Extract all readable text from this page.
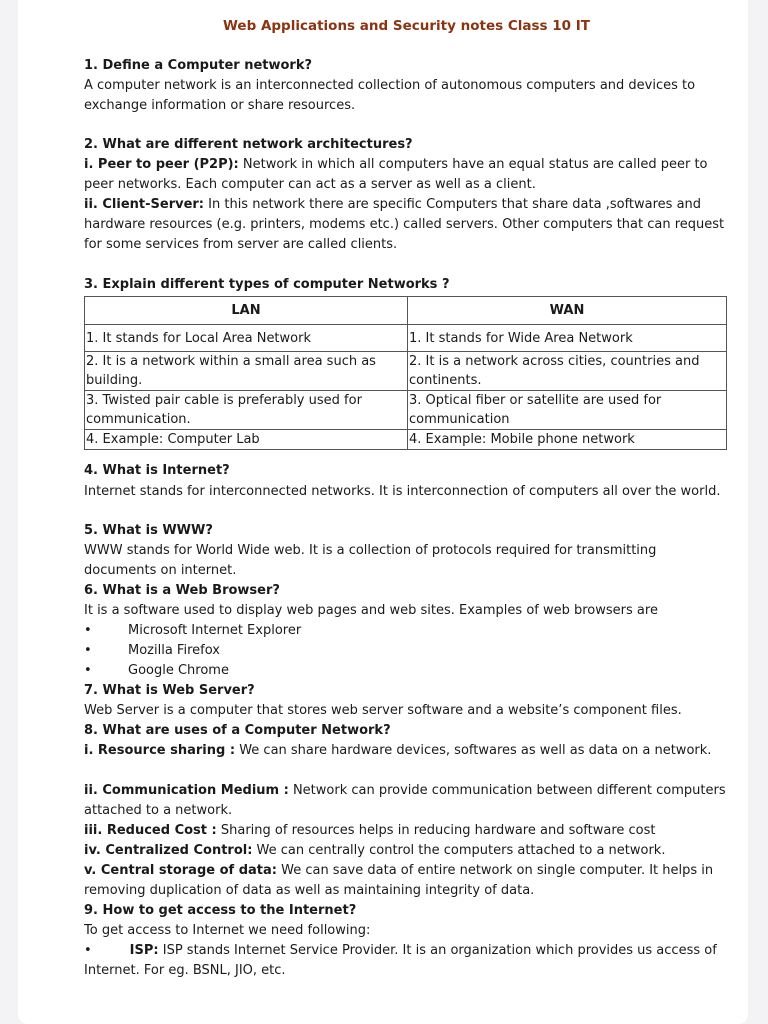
Web Applications and Security notes Class 10 IT
1. Define a Computer network?
A computer network is an interconnected collection of autonomous computers and devices to exchange information or share resources.
2. What are different network architectures?
i. Peer to peer (P2P): Network in which all computers have an equal status are called peer to peer networks. Each computer can act as a server as well as a client.
ii. Client-Server: In this network there are specific Computers that share data ,softwares and hardware resources (e.g. printers, modems etc.) called servers. Other computers that can request for some services from server are called clients.
3. Explain different types of computer Networks ?
LAN	WAN
1. It stands for Local Area Network	1. It stands for Wide Area Network
2. It is a network within a small area such as building.	2. It is a network across cities, countries and continents.
3. Twisted pair cable is preferably used for communication.	3. Optical fiber or satellite are used for communication
4. Example: Computer Lab	4. Example: Mobile phone network
4. What is Internet?
Internet stands for interconnected networks. It is interconnection of computers all over the world.
5. What is WWW?
WWW stands for World Wide web. It is a collection of protocols required for transmitting documents on internet.
6. What is a Web Browser?
It is a software used to display web pages and web sites. Examples of web browsers are
•	Microsoft Internet Explorer
•	Mozilla Firefox
•	Google Chrome
7. What is Web Server?
Web Server is a computer that stores web server software and a website’s component files.
8. What are uses of a Computer Network?
i. Resource sharing : We can share hardware devices, softwares as well as data on a network.
ii. Communication Medium : Network can provide communication between different computers attached to a network.
iii. Reduced Cost : Sharing of resources helps in reducing hardware and software cost
iv. Centralized Control: We can centrally control the computers attached to a network.
v. Central storage of data: We can save data of entire network on single computer. It helps in removing duplication of data as well as maintaining integrity of data.
9. How to get access to the Internet?
To get access to Internet we need following:
•	ISP: ISP stands Internet Service Provider. It is an organization which provides us access of Internet. For eg. BSNL, JIO, etc.
